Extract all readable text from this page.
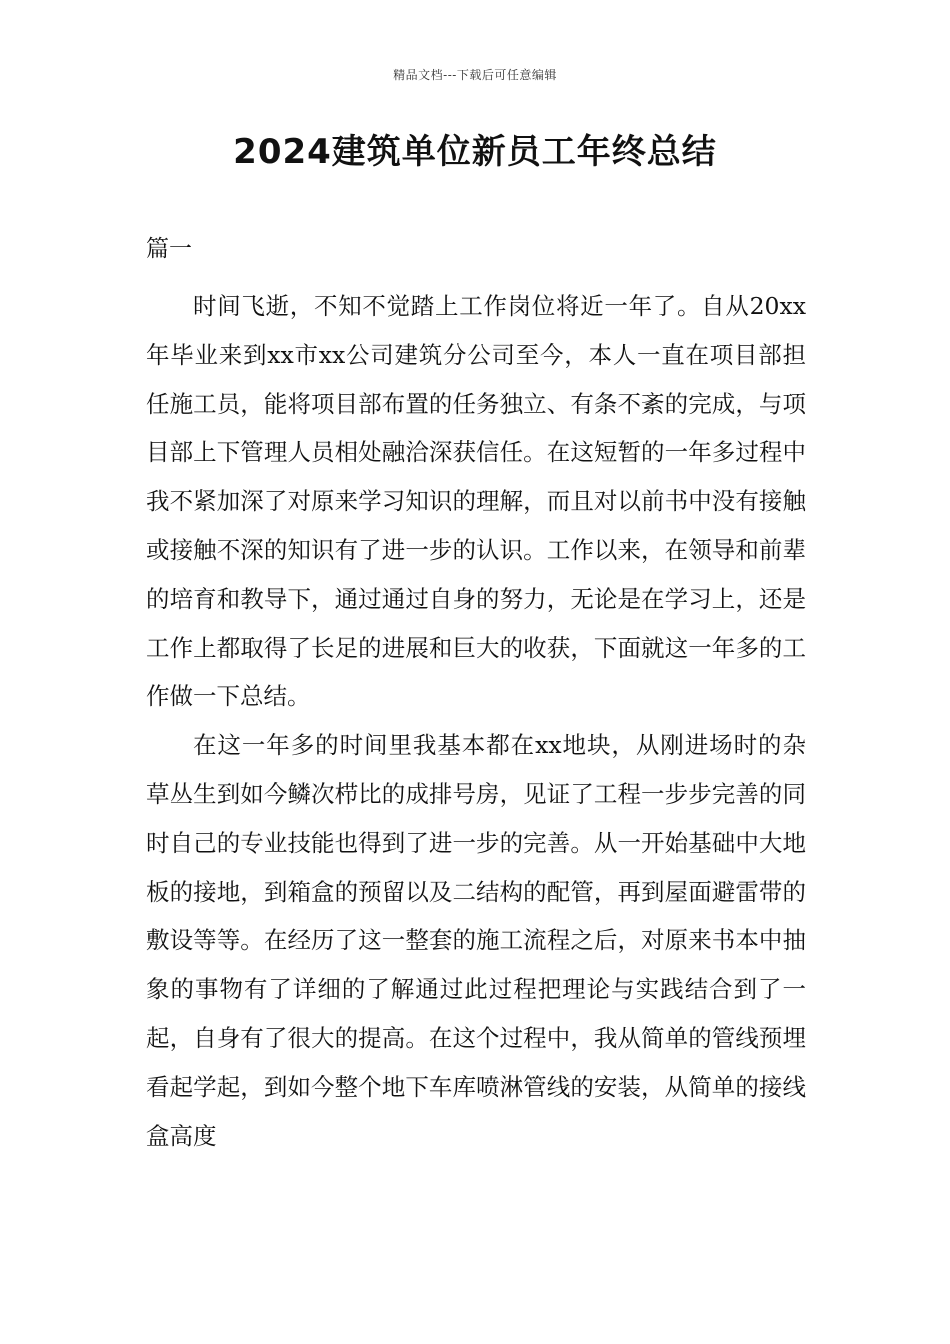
精品文档---下载后可任意编辑
2024建筑单位新员工年终总结
篇一

时间飞逝，不知不觉踏上工作岗位将近一年了。自从20xx年毕业来到xx市xx公司建筑分公司至今，本人一直在项目部担任施工员，能将项目部布置的任务独立、有条不紊的完成，与项目部上下管理人员相处融洽深获信任。在这短暂的一年多过程中我不紧加深了对原来学习知识的理解，而且对以前书中没有接触或接触不深的知识有了进一步的认识。工作以来，在领导和前辈的培育和教导下，通过通过自身的努力，无论是在学习上，还是工作上都取得了长足的进展和巨大的收获，下面就这一年多的工作做一下总结。

在这一年多的时间里我基本都在xx地块，从刚进场时的杂草丛生到如今鳞次栉比的成排号房，见证了工程一步步完善的同时自己的专业技能也得到了进一步的完善。从一开始基础中大地板的接地，到箱盒的预留以及二结构的配管，再到屋面避雷带的敷设等等。在经历了这一整套的施工流程之后，对原来书本中抽象的事物有了详细的了解通过此过程把理论与实践结合到了一起，自身有了很大的提高。在这个过程中，我从简单的管线预埋看起学起，到如今整个地下车库喷淋管线的安装，从简单的接线盒高度
